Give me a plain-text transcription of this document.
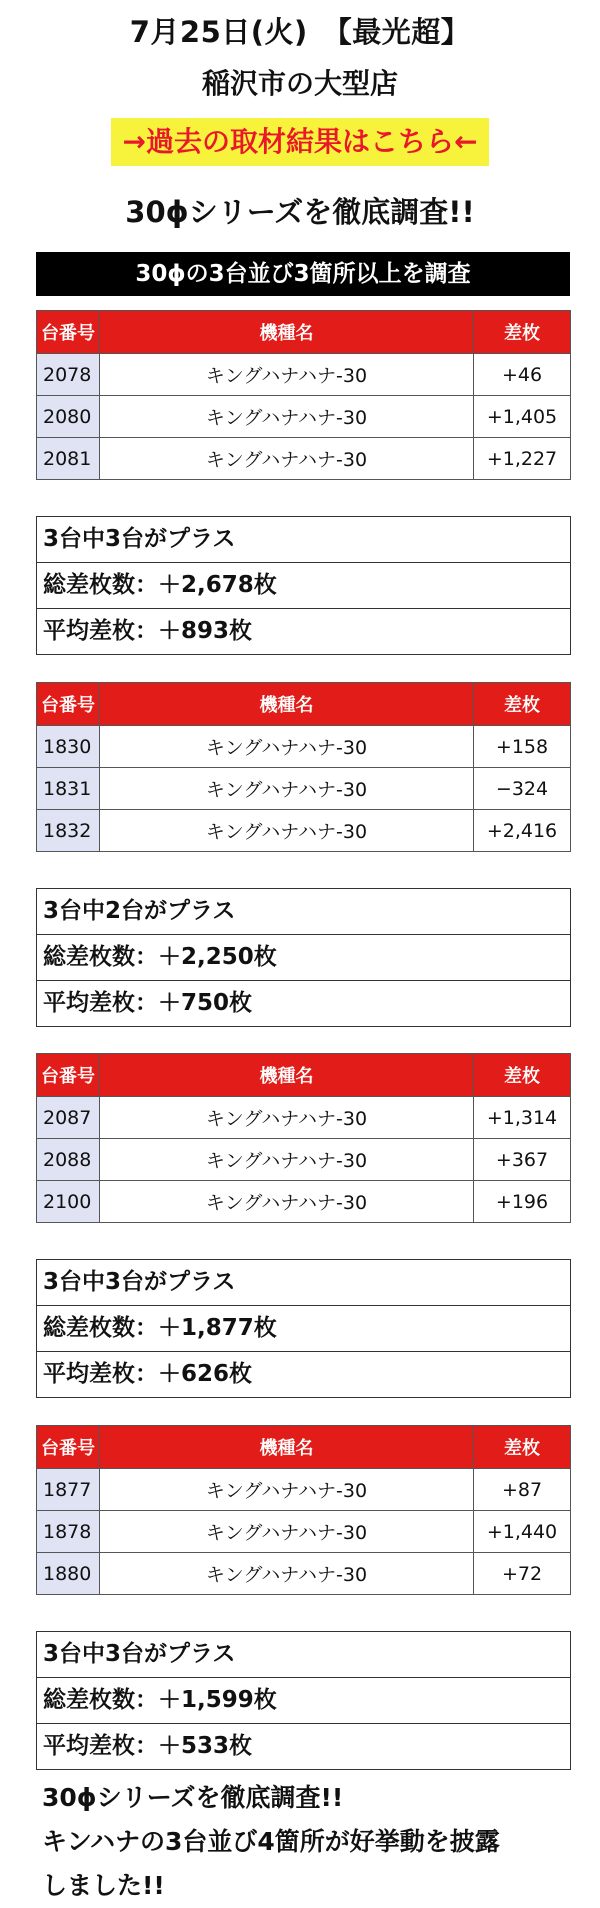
7月25日(火)　【最光超】
稲沢市の大型店
→過去の取材結果はこちら←
30ϕシリーズを徹底調査!!
30ϕの3台並び3箇所以上を調査
台番号	機種名	差枚
2078	キングハナハナ-30	+46
2080	キングハナハナ-30	+1,405
2081	キングハナハナ-30	+1,227
3台中3台がプラス
総差枚数：＋2,678枚
平均差枚：＋893枚
台番号	機種名	差枚
1830	キングハナハナ-30	+158
1831	キングハナハナ-30	−324
1832	キングハナハナ-30	+2,416
3台中2台がプラス
総差枚数：＋2,250枚
平均差枚：＋750枚
台番号	機種名	差枚
2087	キングハナハナ-30	+1,314
2088	キングハナハナ-30	+367
2100	キングハナハナ-30	+196
3台中3台がプラス
総差枚数：＋1,877枚
平均差枚：＋626枚
台番号	機種名	差枚
1877	キングハナハナ-30	+87
1878	キングハナハナ-30	+1,440
1880	キングハナハナ-30	+72
3台中3台がプラス
総差枚数：＋1,599枚
平均差枚：＋533枚
30ϕシリーズを徹底調査!!
キンハナの3台並び4箇所が好挙動を披露
しました!!
